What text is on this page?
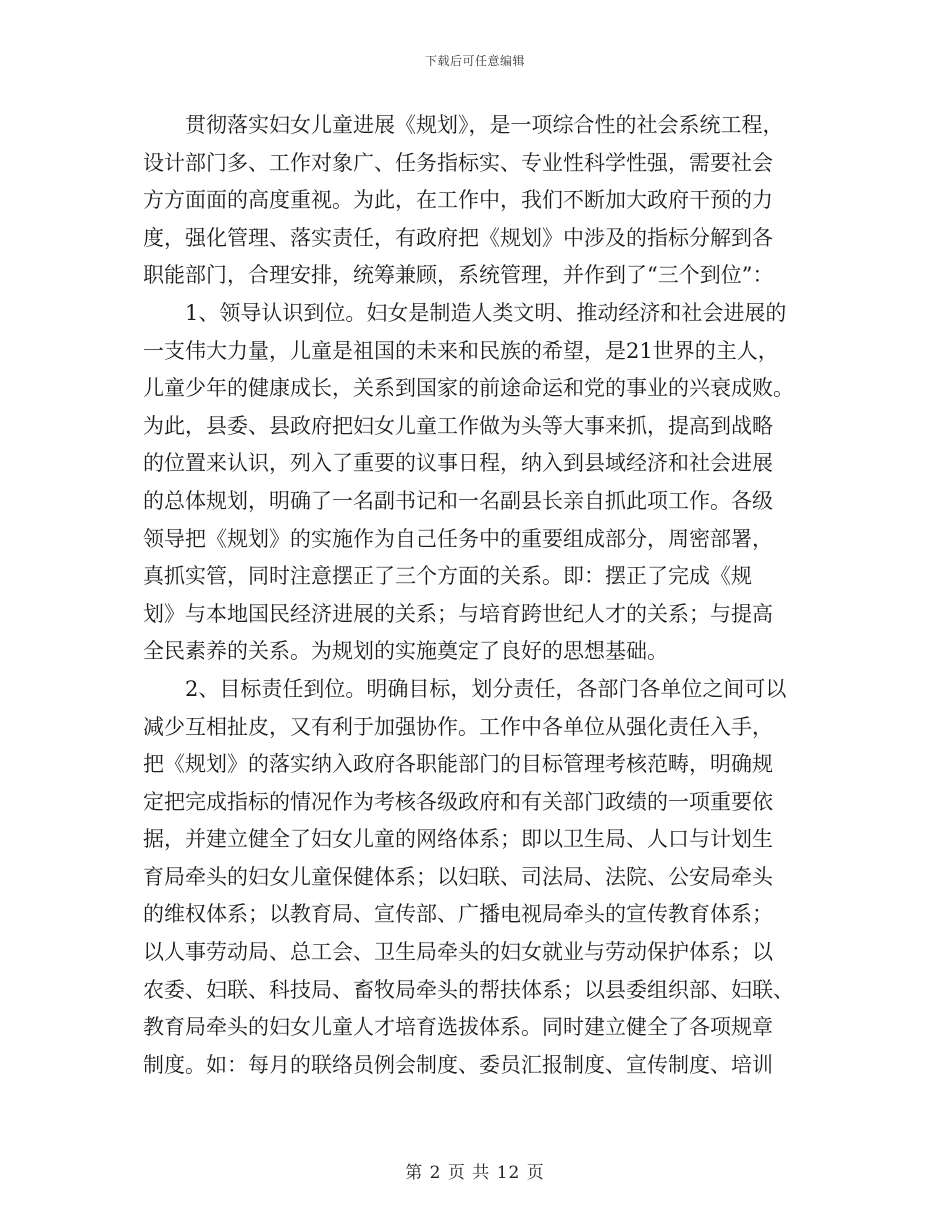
下载后可任意编辑
贯彻落实妇女儿童进展《规划》，是一项综合性的社会系统工程，
设计部门多、工作对象广、任务指标实、专业性科学性强，需要社会
方方面面的高度重视。为此，在工作中，我们不断加大政府干预的力
度，强化管理、落实责任，有政府把《规划》中涉及的指标分解到各
职能部门，合理安排，统筹兼顾，系统管理，并作到了“三个到位”：
1、领导认识到位。妇女是制造人类文明、推动经济和社会进展的
一支伟大力量，儿童是祖国的未来和民族的希望，是21世界的主人，
儿童少年的健康成长，关系到国家的前途命运和党的事业的兴衰成败。
为此，县委、县政府把妇女儿童工作做为头等大事来抓，提高到战略
的位置来认识，列入了重要的议事日程，纳入到县域经济和社会进展
的总体规划，明确了一名副书记和一名副县长亲自抓此项工作。各级
领导把《规划》的实施作为自己任务中的重要组成部分，周密部署，
真抓实管，同时注意摆正了三个方面的关系。即：摆正了完成《规
划》与本地国民经济进展的关系；与培育跨世纪人才的关系；与提高
全民素养的关系。为规划的实施奠定了良好的思想基础。
2、目标责任到位。明确目标，划分责任，各部门各单位之间可以
减少互相扯皮，又有利于加强协作。工作中各单位从强化责任入手，
把《规划》的落实纳入政府各职能部门的目标管理考核范畴，明确规
定把完成指标的情况作为考核各级政府和有关部门政绩的一项重要依
据，并建立健全了妇女儿童的网络体系；即以卫生局、人口与计划生
育局牵头的妇女儿童保健体系；以妇联、司法局、法院、公安局牵头
的维权体系；以教育局、宣传部、广播电视局牵头的宣传教育体系；
以人事劳动局、总工会、卫生局牵头的妇女就业与劳动保护体系；以
农委、妇联、科技局、畜牧局牵头的帮扶体系；以县委组织部、妇联、
教育局牵头的妇女儿童人才培育选拔体系。同时建立健全了各项规章
制度。如：每月的联络员例会制度、委员汇报制度、宣传制度、培训
第 2 页 共 12 页
